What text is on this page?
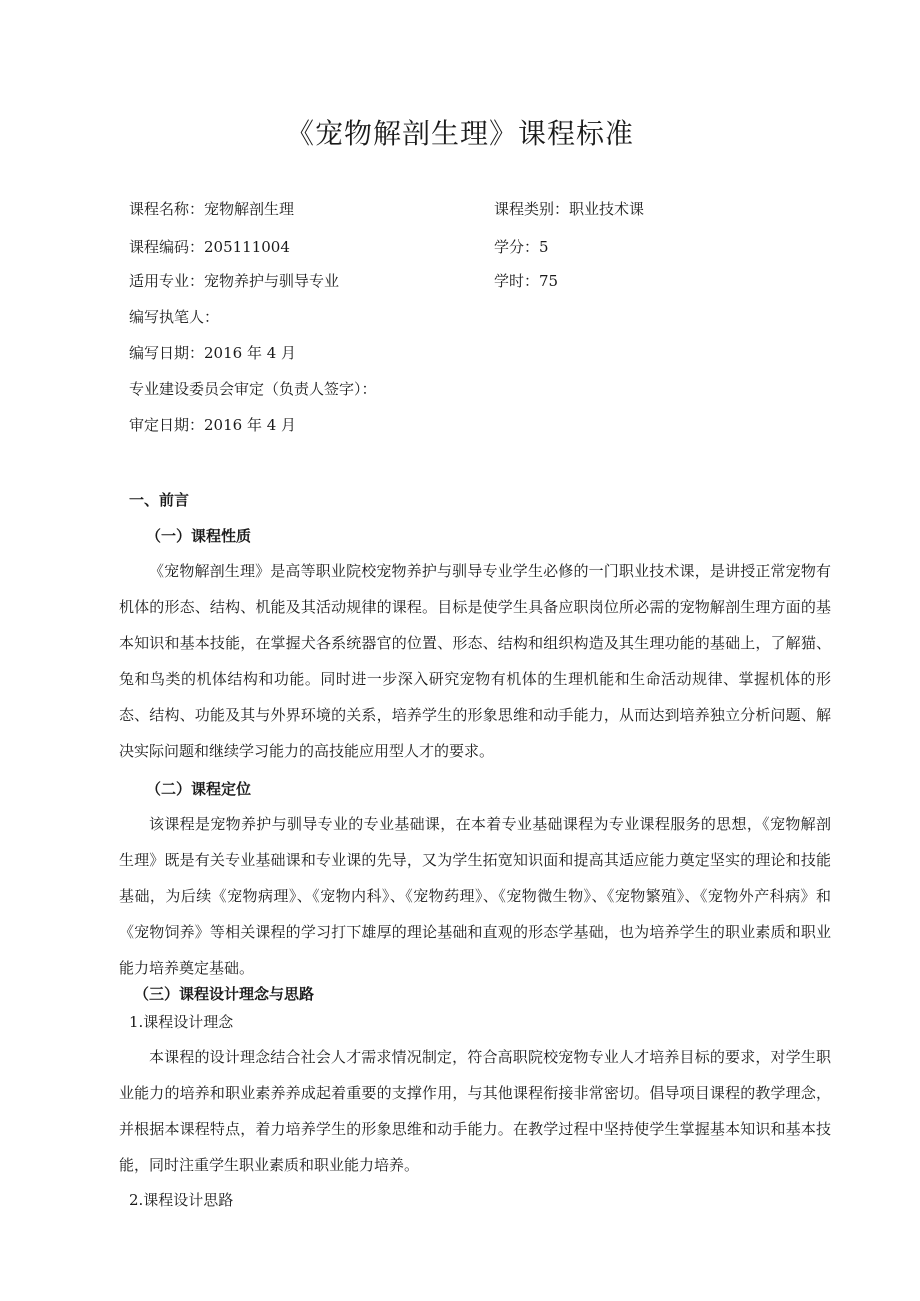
《宠物解剖生理》课程标准
课程名称：宠物解剖生理	课程类别：职业技术课
课程编码：205111004	学分：5
适用专业：宠物养护与驯导专业	学时：75
编写执笔人：
编写日期：2016 年 4 月
专业建设委员会审定（负责人签字）：
审定日期：2016 年 4 月
一、前言
（一）课程性质

《宠物解剖生理》是高等职业院校宠物养护与驯导专业学生必修的一门职业技术课，是讲授正常宠物有机体的形态、结构、机能及其活动规律的课程。目标是使学生具备应职岗位所必需的宠物解剖生理方面的基本知识和基本技能，在掌握犬各系统器官的位置、形态、结构和组织构造及其生理功能的基础上，了解猫、兔和鸟类的机体结构和功能。同时进一步深入研究宠物有机体的生理机能和生命活动规律、掌握机体的形态、结构、功能及其与外界环境的关系，培养学生的形象思维和动手能力，从而达到培养独立分析问题、解决实际问题和继续学习能力的高技能应用型人才的要求。

（二）课程定位

该课程是宠物养护与驯导专业的专业基础课，在本着专业基础课程为专业课程服务的思想，《宠物解剖生理》既是有关专业基础课和专业课的先导，又为学生拓宽知识面和提高其适应能力奠定坚实的理论和技能基础，为后续《宠物病理》、《宠物内科》、《宠物药理》、《宠物微生物》、《宠物繁殖》、《宠物外产科病》和《宠物饲养》等相关课程的学习打下雄厚的理论基础和直观的形态学基础，也为培养学生的职业素质和职业能力培养奠定基础。

（三）课程设计理念与思路
1.课程设计理念

本课程的设计理念结合社会人才需求情况制定，符合高职院校宠物专业人才培养目标的要求，对学生职业能力的培养和职业素养养成起着重要的支撑作用，与其他课程衔接非常密切。倡导项目课程的教学理念，并根据本课程特点，着力培养学生的形象思维和动手能力。在教学过程中坚持使学生掌握基本知识和基本技能，同时注重学生职业素质和职业能力培养。

2.课程设计思路
